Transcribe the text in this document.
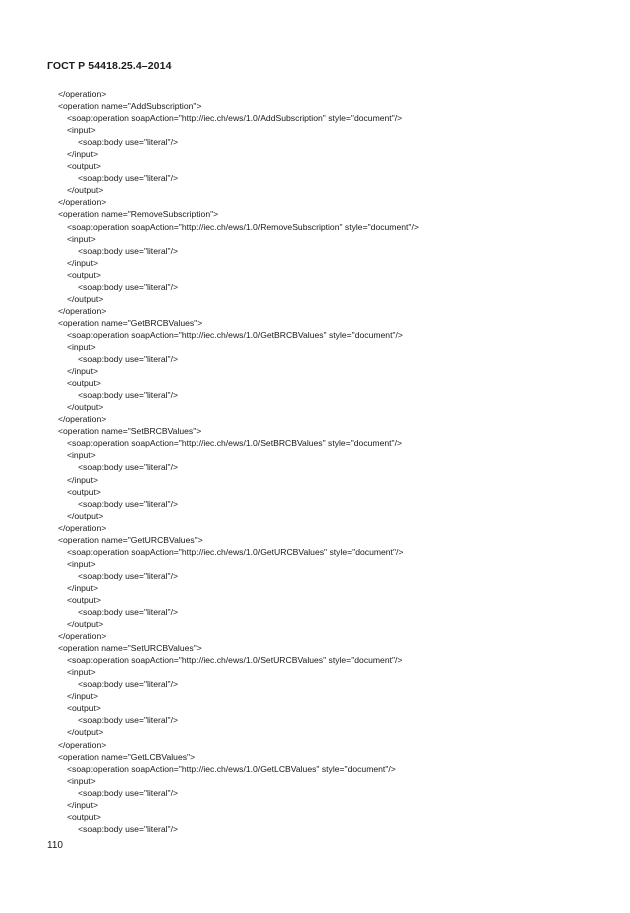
ГОСТ Р 54418.25.4–2014
</operation>
<operation name="AddSubscription">
<soap:operation soapAction="http://iec.ch/ews/1.0/AddSubscription" style="document"/>
<input>
<soap:body use="literal"/>
</input>
<output>
<soap:body use="literal"/>
</output>
</operation>
<operation name="RemoveSubscription">
<soap:operation soapAction="http://iec.ch/ews/1.0/RemoveSubscription" style="document"/>
<input>
<soap:body use="literal"/>
</input>
<output>
<soap:body use="literal"/>
</output>
</operation>
<operation name="GetBRCBValues">
<soap:operation soapAction="http://iec.ch/ews/1.0/GetBRCBValues" style="document"/>
<input>
<soap:body use="literal"/>
</input>
<output>
<soap:body use="literal"/>
</output>
</operation>
<operation name="SetBRCBValues">
<soap:operation soapAction="http://iec.ch/ews/1.0/SetBRCBValues" style="document"/>
<input>
<soap:body use="literal"/>
</input>
<output>
<soap:body use="literal"/>
</output>
</operation>
<operation name="GetURCBValues">
<soap:operation soapAction="http://iec.ch/ews/1.0/GetURCBValues" style="document"/>
<input>
<soap:body use="literal"/>
</input>
<output>
<soap:body use="literal"/>
</output>
</operation>
<operation name="SetURCBValues">
<soap:operation soapAction="http://iec.ch/ews/1.0/SetURCBValues" style="document"/>
<input>
<soap:body use="literal"/>
</input>
<output>
<soap:body use="literal"/>
</output>
</operation>
<operation name="GetLCBValues">
<soap:operation soapAction="http://iec.ch/ews/1.0/GetLCBValues" style="document"/>
<input>
<soap:body use="literal"/>
</input>
<output>
<soap:body use="literal"/>
110
